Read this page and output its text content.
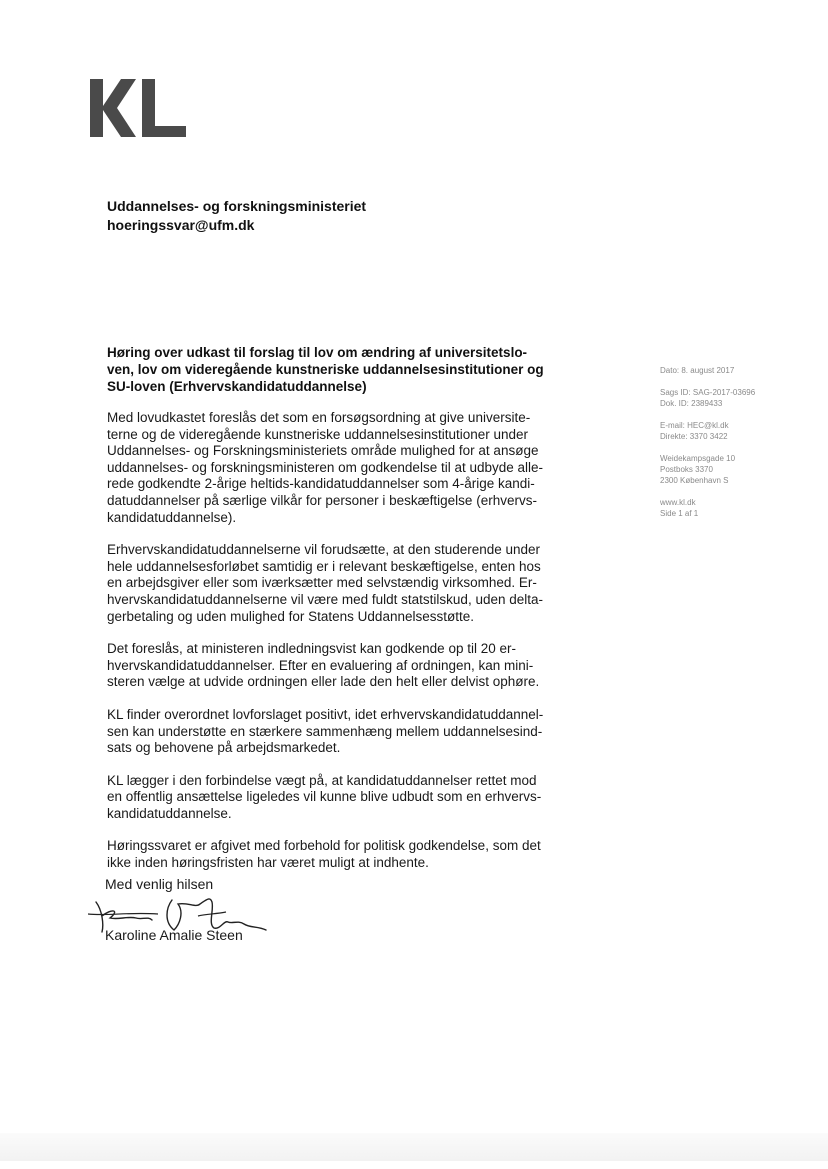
Uddannelses- og forskningsministeriet
hoeringssvar@ufm.dk
Høring over udkast til forslag til lov om ændring af universitetslo-
ven, lov om videregående kunstneriske uddannelsesinstitutioner og
SU-loven (Erhvervskandidatuddannelse)
Med lovudkastet foreslås det som en forsøgsordning at give universite-
terne og de videregående kunstneriske uddannelsesinstitutioner under
Uddannelses- og Forskningsministeriets område mulighed for at ansøge
uddannelses- og forskningsministeren om godkendelse til at udbyde alle-
rede godkendte 2-årige heltids-kandidatuddannelser som 4-årige kandi-
datuddannelser på særlige vilkår for personer i beskæftigelse (erhvervs-
kandidatuddannelse).
Erhvervskandidatuddannelserne vil forudsætte, at den studerende under
hele uddannelsesforløbet samtidig er i relevant beskæftigelse, enten hos
en arbejdsgiver eller som iværksætter med selvstændig virksomhed. Er-
hvervskandidatuddannelserne vil være med fuldt statstilskud, uden delta-
gerbetaling og uden mulighed for Statens Uddannelsesstøtte.
Det foreslås, at ministeren indledningsvist kan godkende op til 20 er-
hvervskandidatuddannelser. Efter en evaluering af ordningen, kan mini-
steren vælge at udvide ordningen eller lade den helt eller delvist ophøre.
KL finder overordnet lovforslaget positivt, idet erhvervskandidatuddannel-
sen kan understøtte en stærkere sammenhæng mellem uddannelsesind-
sats og behovene på arbejdsmarkedet.
KL lægger i den forbindelse vægt på, at kandidatuddannelser rettet mod
en offentlig ansættelse ligeledes vil kunne blive udbudt som en erhvervs-
kandidatuddannelse.
Høringssvaret er afgivet med forbehold for politisk godkendelse, som det
ikke inden høringsfristen har været muligt at indhente.
Med venlig hilsen
Karoline Amalie Steen
Dato: 8. august 2017
Sags ID: SAG-2017-03696
Dok. ID: 2389433
E-mail: HEC@kl.dk
Direkte: 3370 3422
Weidekampsgade 10
Postboks 3370
2300 København S
www.kl.dk
Side 1 af 1
